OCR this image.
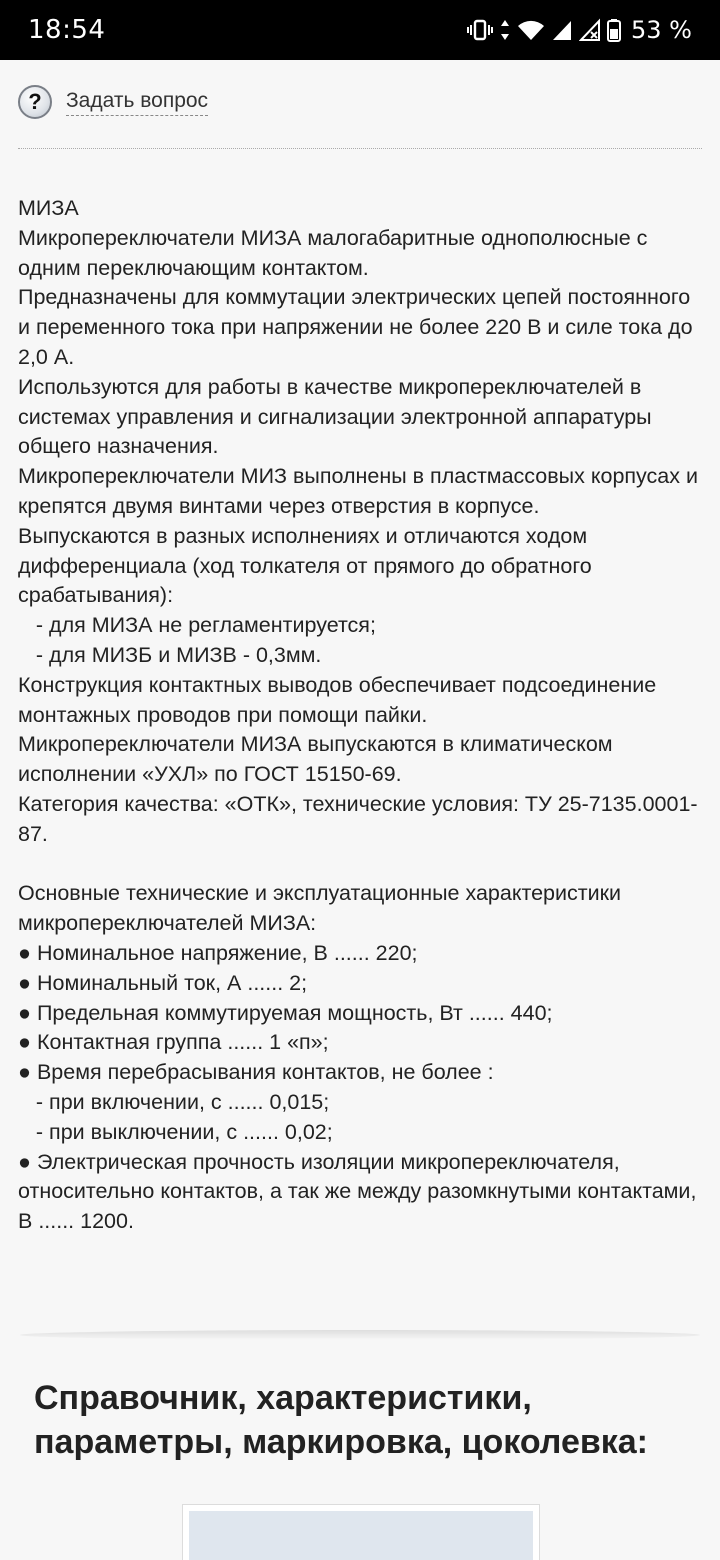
18:54	53 %
?	Задать вопрос
МИЗА
Микропереключатели МИЗА малогабаритные однополюсные с одним переключающим контактом.
Предназначены для коммутации электрических цепей постоянного и переменного тока при напряжении не более 220 В и силе тока до 2,0 А.
Используются для работы в качестве микропереключателей в системах управления и сигнализации электронной аппаратуры общего назначения.
Микропереключатели МИЗ выполнены в пластмассовых корпусах и крепятся двумя винтами через отверстия в корпусе.
Выпускаются в разных исполнениях и отличаются ходом дифференциала (ход толкателя от прямого до обратного срабатывания):
- для МИЗА не регламентируется;
- для МИЗБ и МИЗВ - 0,3мм.
Конструкция контактных выводов обеспечивает подсоединение монтажных проводов при помощи пайки.
Микропереключатели МИЗА выпускаются в климатическом исполнении «УХЛ» по ГОСТ 15150-69.
Категория качества: «ОТК», технические условия: ТУ 25-7135.0001-87.

Основные технические и эксплуатационные характеристики микропереключателей МИЗА:
● Номинальное напряжение, В ...... 220;
● Номинальный ток, А ...... 2;
● Предельная коммутируемая мощность, Вт ...... 440;
● Контактная группа ...... 1 «п»;
● Время перебрасывания контактов, не более :
- при включении, с ...... 0,015;
- при выключении, с ...... 0,02;
● Электрическая прочность изоляции микропереключателя, относительно контактов, а так же между разомкнутыми контактами, В ...... 1200.
Справочник, характеристики, параметры, маркировка, цоколевка:
